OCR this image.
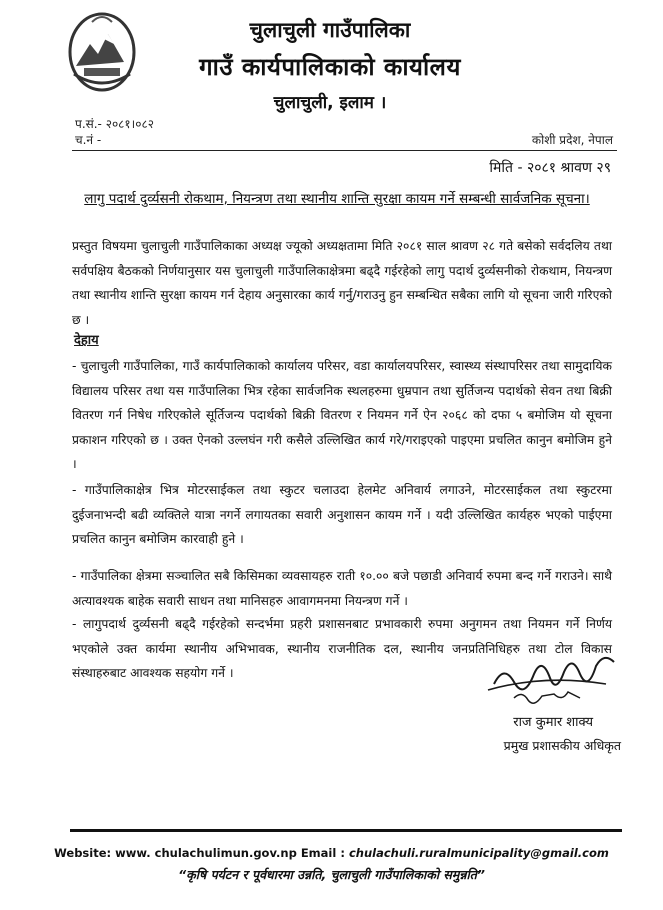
चुलाचुली गाउँपालिका
गाउँ कार्यपालिकाको कार्यालय
चुलाचुली, इलाम ।
प.सं.- २०८१।०८२
च.नं -	कोशी प्रदेश, नेपाल
मिति - २०८१ श्रावण २९
लागु पदार्थ दुर्व्यसनी रोकथाम, नियन्त्रण तथा स्थानीय शान्ति सुरक्षा कायम गर्ने सम्बन्धी सार्वजनिक सूचना।
प्रस्तुत विषयमा चुलाचुली गाउँपालिकाका अध्यक्ष ज्यूको अध्यक्षतामा मिति २०८१ साल श्रावण २८ गते बसेको सर्वदलिय तथा सर्वपक्षिय बैठकको निर्णयानुसार यस चुलाचुली गाउँपालिकाक्षेत्रमा बढ्दै गईरहेको लागु पदार्थ दुर्व्यसनीको रोकथाम, नियन्त्रण तथा स्थानीय शान्ति सुरक्षा कायम गर्न देहाय अनुसारका कार्य गर्नु/गराउनु हुन सम्बन्धित सबैका लागि यो सूचना जारी गरिएको छ ।
देहाय
- चुलाचुली गाउँपालिका, गाउँ कार्यपालिकाको कार्यालय परिसर, वडा कार्यालयपरिसर, स्वास्थ्य संस्थापरिसर तथा सामुदायिक विद्यालय परिसर तथा यस गाउँपालिका भित्र रहेका सार्वजनिक स्थलहरुमा धुम्रपान तथा सुर्तिजन्य पदार्थको सेवन तथा बिक्री वितरण गर्न निषेध गरिएकोले सूर्तिजन्य पदार्थको बिक्री वितरण र नियमन गर्ने ऐन २०६८ को दफा ५ बमोजिम यो सूचना प्रकाशन गरिएको छ । उक्त ऐनको उल्लघंन गरी कसैले उल्लिखित कार्य गरे/गराइएको पाइएमा प्रचलित कानुन बमोजिम हुने ।
- गाउँपालिकाक्षेत्र भित्र मोटरसाईकल तथा स्कुटर चलाउदा हेलमेट अनिवार्य लगाउने, मोटरसाईकल तथा स्कुटरमा दुईजनाभन्दी बढी व्यक्तिले यात्रा नगर्ने लगायतका सवारी अनुशासन कायम गर्ने । यदी उल्लिखित कार्यहरु भएको पाईएमा प्रचलित कानुन बमोजिम कारवाही हुने ।
- गाउँपालिका क्षेत्रमा सञ्चालित सबै किसिमका व्यवसायहरु राती १०.०० बजे पछाडी अनिवार्य रुपमा बन्द गर्ने गराउने। साथै अत्यावश्यक बाहेक सवारी साधन तथा मानिसहरु आवागमनमा नियन्त्रण गर्ने ।
- लागुपदार्थ दुर्व्यसनी बढ्दै गईरहेको सन्दर्भमा प्रहरी प्रशासनबाट प्रभावकारी रुपमा अनुगमन तथा नियमन गर्ने निर्णय भएकोले उक्त कार्यमा स्थानीय अभिभावक, स्थानीय राजनीतिक दल, स्थानीय जनप्रतिनिधिहरु तथा टोल विकास संस्थाहरुबाट आवश्यक सहयोग गर्ने ।
राज कुमार शाक्य
प्रमुख प्रशासकीय अधिकृत
Website: www. chulachulimun.gov.np Email : chulachuli.ruralmunicipality@gmail.com
“कृषि पर्यटन र पूर्वधारमा उन्नति, चुलाचुली गाउँपालिकाको समुन्नति”
